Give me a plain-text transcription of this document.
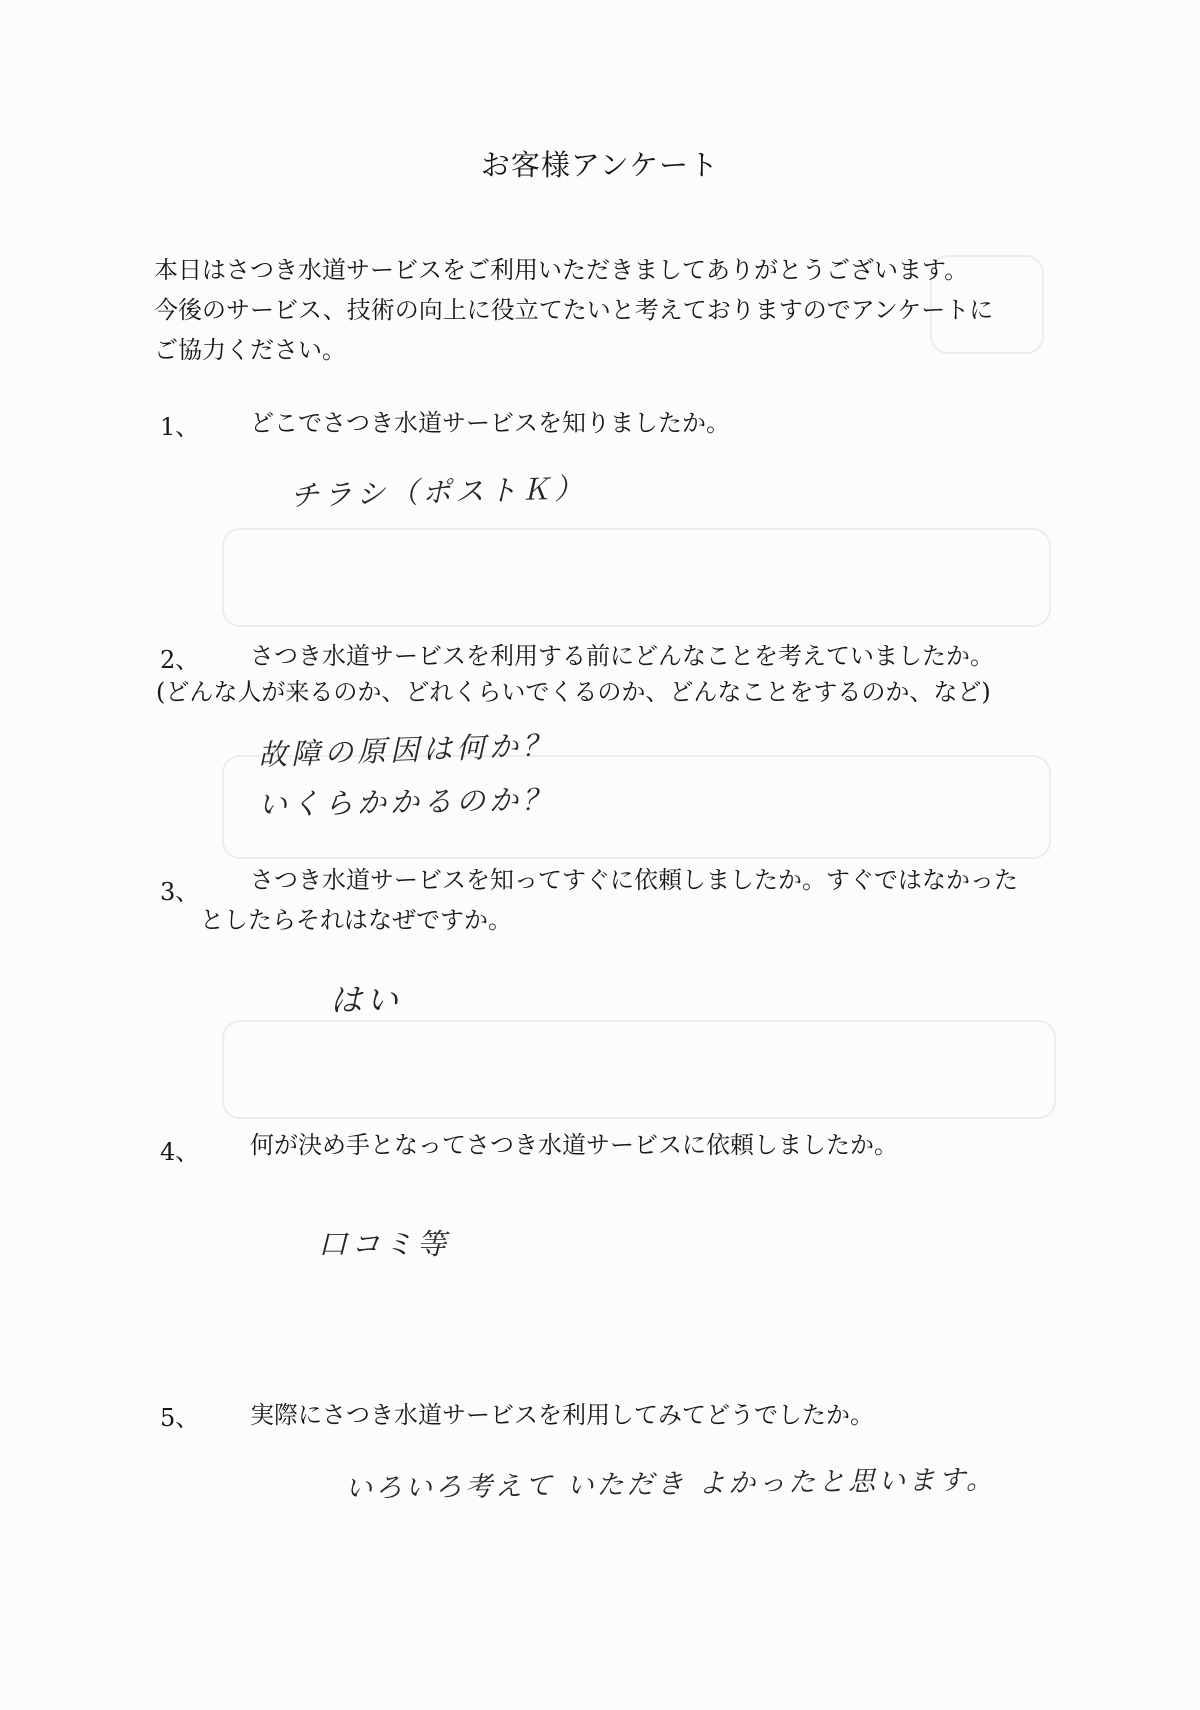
お客様アンケート
本日はさつき水道サービスをご利用いただきましてありがとうございます。
今後のサービス、技術の向上に役立てたいと考えておりますのでアンケートに
ご協力ください。
1、 どこでさつき水道サービスを知りましたか。
チラシ（ポストＫ）
2、 さつき水道サービスを利用する前にどんなことを考えていましたか。
(どんな人が来るのか、どれくらいでくるのか、どんなことをするのか、など)
故障の原因は何か？
いくらかかるのか？
3、 さつき水道サービスを知ってすぐに依頼しましたか。すぐではなかった
としたらそれはなぜですか。
はい
4、 何が決め手となってさつき水道サービスに依頼しましたか。
口コミ等
5、 実際にさつき水道サービスを利用してみてどうでしたか。
いろいろ考えて いただき よかったと思います。
